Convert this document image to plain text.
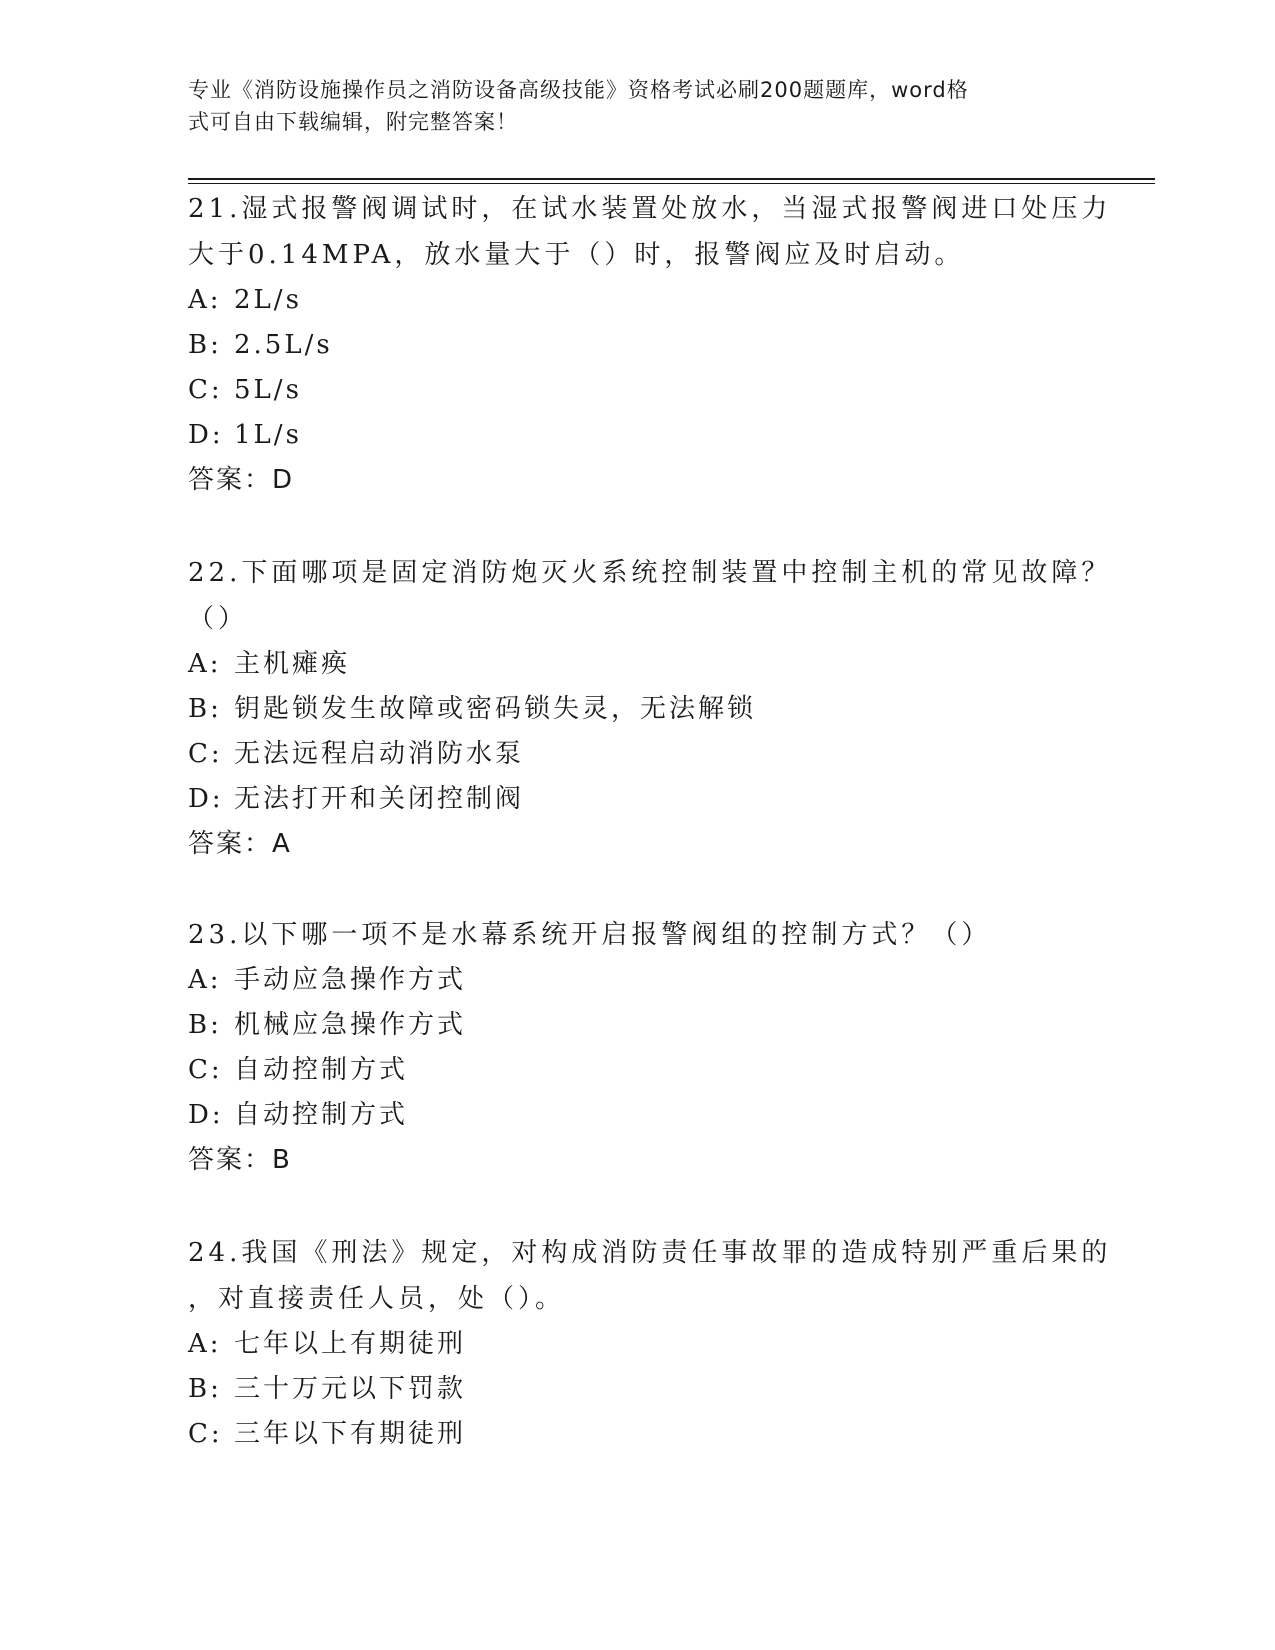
专业《消防设施操作员之消防设备高级技能》资格考试必刷200题题库，word格
式可自由下载编辑，附完整答案！
21.湿式报警阀调试时，在试水装置处放水，当湿式报警阀进口处压力
大于0.14MPA，放水量大于（）时，报警阀应及时启动。
A: 2L/s
B: 2.5L/s
C: 5L/s
D: 1L/s
答案：D
22.下面哪项是固定消防炮灭火系统控制装置中控制主机的常见故障？
（）
A: 主机瘫痪
B: 钥匙锁发生故障或密码锁失灵，无法解锁
C: 无法远程启动消防水泵
D: 无法打开和关闭控制阀
答案：A
23.以下哪一项不是水幕系统开启报警阀组的控制方式？（）
A: 手动应急操作方式
B: 机械应急操作方式
C: 自动控制方式
D: 自动控制方式
答案：B
24.我国《刑法》规定，对构成消防责任事故罪的造成特别严重后果的
，对直接责任人员，处（）。
A: 七年以上有期徒刑
B: 三十万元以下罚款
C: 三年以下有期徒刑
